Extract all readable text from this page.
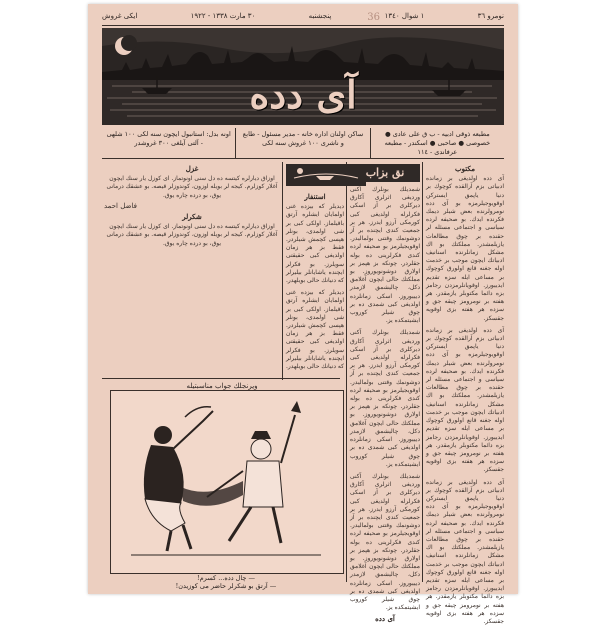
نومرو ٣٦
١ شوال ١٣٤٠
پنجشنبه
٣٠ مارت ١٣٣٨ - ١٩٢٢
ایکی غروش	36
آی دده
مطبعه ذوقی ادبیه - ب ق على عادى ● خصوصی ● صاحبی ● اسکندر - مطبعه عرفاندی - ١١٤
ساکن اولنان اداره خانه - مدیر مسئول - طابع و ناشری ۱۰۰ غروش سنه لکی
اونه بدل: استانبول ایچون سنه لکی ۱۰۰ شلهی - آلتی آیلغی ۳۰۰ غروشدر
مکتوب
آی دده اولدیغی بر زمانده ادبیاتی بزم آرالقده کوچوك بر دنیا یاپمق ایسترکن اوقویوجیلرمزه بو آی دده نومرولرنده بعض شیلر دیمك فکرنده ایدك. بو صحیفه لرده سیاسی و اجتماعی مسئله لر حقنده بر چوق مطالعات یازیلمشدر. مملکتك بو اك مشکل زمانلرنده اسنانیف ادبیاتك ایچون موجب بر خدمت اوله جغنه قانع اولورق کوچوك بر مساعی ایله سزه تقدیم ایدییورز. اوقویانلرمزدن رجامز بزه دائما مکتوبلر یازمقدر. هر هفته بر نومرومز چیقه جق و سزده هر هفته بزی اوقویه جقسکز.
آی دده اولدیغی بر زمانده ادبیاتی بزم آرالقده کوچوك بر دنیا یاپمق ایسترکن اوقویوجیلرمزه بو آی دده نومرولرنده بعض شیلر دیمك فکرنده ایدك. بو صحیفه لرده سیاسی و اجتماعی مسئله لر حقنده بر چوق مطالعات یازیلمشدر. مملکتك بو اك مشکل زمانلرنده اسنانیف ادبیاتك ایچون موجب بر خدمت اوله جغنه قانع اولورق کوچوك بر مساعی ایله سزه تقدیم ایدییورز. اوقویانلرمزدن رجامز بزه دائما مکتوبلر یازمقدر. هر هفته بر نومرومز چیقه جق و سزده هر هفته بزی اوقویه جقسکز.
آی دده اولدیغی بر زمانده ادبیاتی بزم آرالقده کوچوك بر دنیا یاپمق ایسترکن اوقویوجیلرمزه بو آی دده نومرولرنده بعض شیلر دیمك فکرنده ایدك. بو صحیفه لرده سیاسی و اجتماعی مسئله لر حقنده بر چوق مطالعات یازیلمشدر. مملکتك بو اك مشکل زمانلرنده اسنانیف ادبیاتك ایچون موجب بر خدمت اوله جغنه قانع اولورق کوچوك بر مساعی ایله سزه تقدیم ایدییورز. اوقویانلرمزدن رجامز بزه دائما مکتوبلر یازمقدر. هر هفته بر نومرومز چیقه جق و سزده هر هفته بزی اوقویه جقسکز.
نق بزاب
شمدیلك بونلرك آکنی وردیغی اثرلری آکارق دیرکلری بر آز اسکی فکرلرله اولدیغی کبی کورمکی آرزو ایدرز. هر بر جمعیت کندی ایچنده بر آز دوشونمك وقتنی بولمالیدر. اوقویجیلرمز بو صحیفه لرده کندی فکرلرینی ده بوله جقلردر. چونکه بز هپمز بر اولارق دوشونویوروز. بو مملکتك حالی ایچون آغلامق دکل، چالیشمق لازمدر دیییوروز. اسکی زمانلرده اولدیغی کبی شمدی ده بر چوق شیلر کوروب ایشیتمکده یز.
شمدیلك بونلرك آکنی وردیغی اثرلری آکارق دیرکلری بر آز اسکی فکرلرله اولدیغی کبی کورمکی آرزو ایدرز. هر بر جمعیت کندی ایچنده بر آز دوشونمك وقتنی بولمالیدر. اوقویجیلرمز بو صحیفه لرده کندی فکرلرینی ده بوله جقلردر. چونکه بز هپمز بر اولارق دوشونویوروز. بو مملکتك حالی ایچون آغلامق دکل، چالیشمق لازمدر دیییوروز. اسکی زمانلرده اولدیغی کبی شمدی ده بر چوق شیلر کوروب ایشیتمکده یز.
شمدیلك بونلرك آکنی وردیغی اثرلری آکارق دیرکلری بر آز اسکی فکرلرله اولدیغی کبی کورمکی آرزو ایدرز. هر بر جمعیت کندی ایچنده بر آز دوشونمك وقتنی بولمالیدر. اوقویجیلرمز بو صحیفه لرده کندی فکرلرینی ده بوله جقلردر. چونکه بز هپمز بر اولارق دوشونویوروز. بو مملکتك حالی ایچون آغلامق دکل، چالیشمق لازمدر دیییوروز. اسکی زمانلرده اولدیغی کبی شمدی ده بر چوق شیلر کوروب ایشیتمکده یز.
آی دده
استنفار
دیدیلر که بیزده غنی اولمایان ایشلره آرتق باقیلماز. اولکی کبی بر شی اولمدی، بونلر هپسی کچمش شیلردر. فقط بز هر زمان اولدیغی کبی حقیقتی سویلرز. بو فکرلر ایچنده یاشایانلر بیلیرلر که دنیانك حالی بویلهدر.
دیدیلر که بیزده غنی اولمایان ایشلره آرتق باقیلماز. اولکی کبی بر شی اولمدی، بونلر هپسی کچمش شیلردر. فقط بز هر زمان اولدیغی کبی حقیقتی سویلرز. بو فکرلر ایچنده یاشایانلر بیلیرلر که دنیانك حالی بویلهدر.
غزل
اوزاق دیارلره کیتسه ده دل سنی اونوتماز. ای کوزل یار سنك ایچون آغلار کوزلرم. کیجه لر بویله اوزون، کوندوزلر قیصه. بو عشقك درمانی یوق، بو درده چاره یوق.
فاضل احمد
شکرلر
اوزاق دیارلره کیتسه ده دل سنی اونوتماز. ای کوزل یار سنك ایچون آغلار کوزلرم. کیجه لر بویله اوزون، کوندوزلر قیصه. بو عشقك درمانی یوق، بو درده چاره یوق.
ویرنجلك جواب مناسبتیله
— چال دده... کسرم!
— آرتق بو شکرلر حاضر می کوزیدن!
